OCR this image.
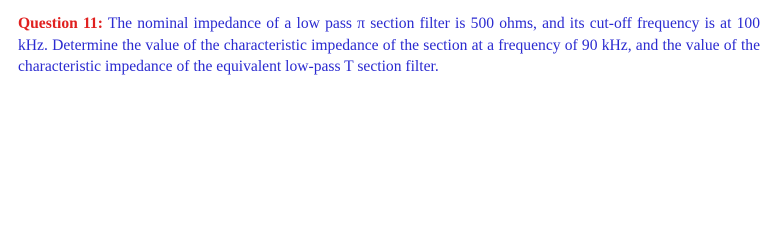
Question 11: The nominal impedance of a low pass π section filter is 500 ohms, and its cut-off frequency is at 100 kHz. Determine the value of the characteristic impedance of the section at a frequency of 90 kHz, and the value of the characteristic impedance of the equivalent low-pass T section filter.
